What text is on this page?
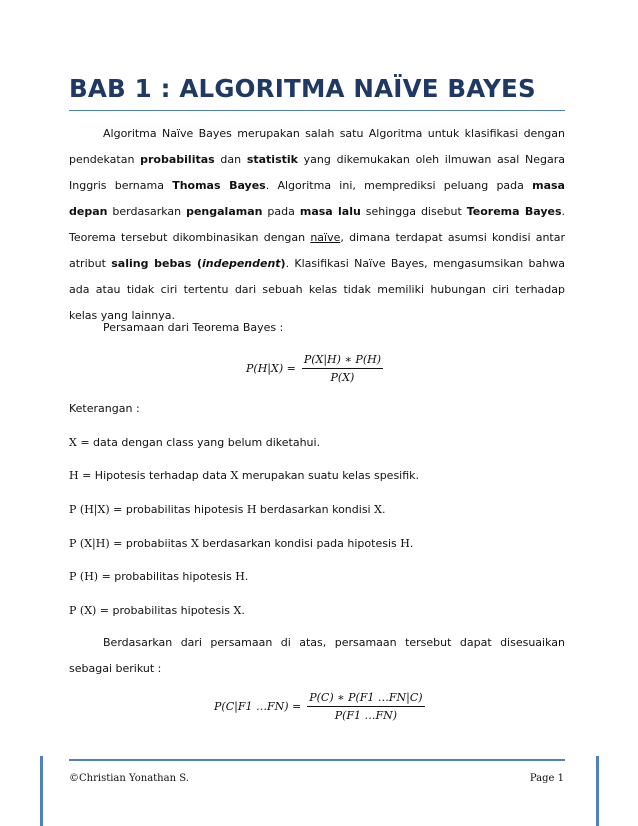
BAB 1 : ALGORITMA NAÏVE BAYES
Algoritma Naïve Bayes merupakan salah satu Algoritma untuk klasifikasi dengan
pendekatan probabilitas dan statistik yang dikemukakan oleh ilmuwan asal Negara
Inggris bernama Thomas Bayes. Algoritma ini, memprediksi peluang pada masa
depan berdasarkan pengalaman pada masa lalu sehingga disebut Teorema Bayes.
Teorema tersebut dikombinasikan dengan naïve, dimana terdapat asumsi kondisi antar
atribut saling bebas (independent). Klasifikasi Naïve Bayes, mengasumsikan bahwa
ada atau tidak ciri tertentu dari sebuah kelas tidak memiliki hubungan ciri terhadap
kelas yang lainnya.
Persamaan dari Teorema Bayes :
$P(H|X) = \frac{P(X|H) ∗ P(H)}{P(X)}$
Keterangan :
X = data dengan class yang belum diketahui.
H = Hipotesis terhadap data X merupakan suatu kelas spesifik.
P (H|X) = probabilitas hipotesis H berdasarkan kondisi X.
P (X|H) = probabiitas X berdasarkan kondisi pada hipotesis H.
P (H) = probabilitas hipotesis H.
P (X) = probabilitas hipotesis X.
Berdasarkan dari persamaan di atas, persamaan tersebut dapat disesuaikan
sebagai berikut :
P(C|F1 …FN) = $\frac{P(C) ∗ P(F1 \dots FN|C)}{P(F1 \dots FN)}$
©Christian Yonathan S.	Page 1
